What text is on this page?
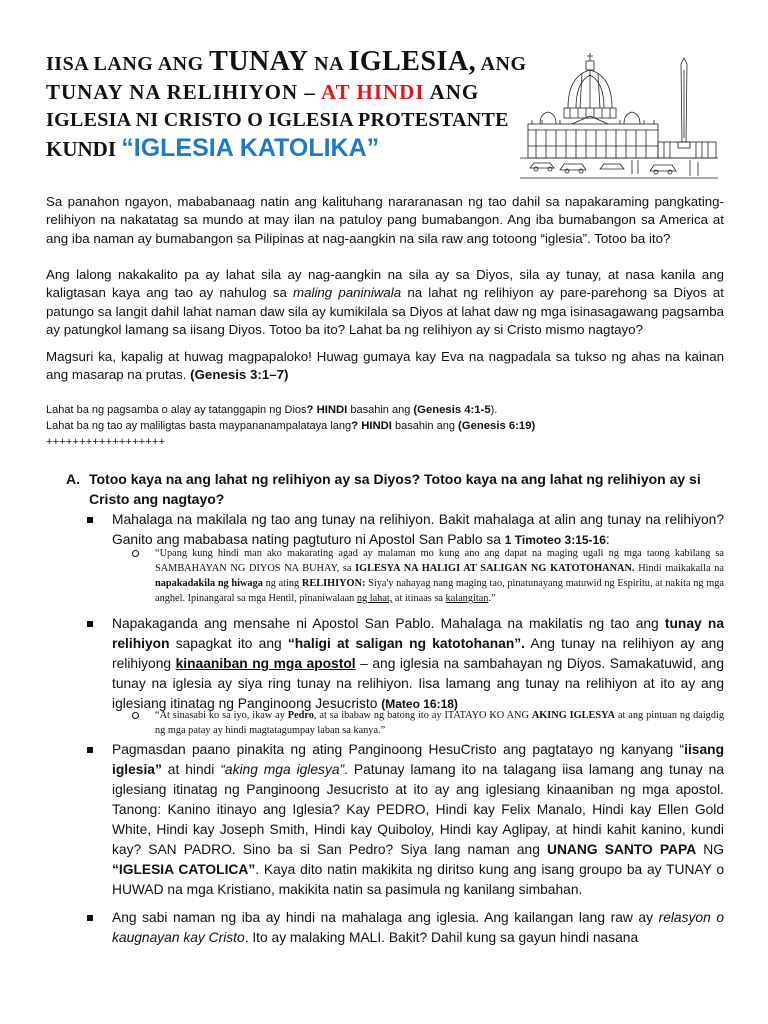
IISA LANG ANG TUNAY NA IGLESIA, ANG
TUNAY NA RELIHIYON – AT HINDI ANG
IGLESIA NI CRISTO O IGLESIA PROTESTANTE
KUNDI “IGLESIA KATOLIKA”
Sa panahon ngayon, mababanaag natin ang kalituhang nararanasan ng tao dahil sa napakaraming pangkating-relihiyon na nakatatag sa mundo at may ilan na patuloy pang bumabangon. Ang iba bumabangon sa America at ang iba naman ay bumabangon sa Pilipinas at nag-aangkin na sila raw ang totoong “iglesia”. Totoo ba ito?
Ang lalong nakakalito pa ay lahat sila ay nag-aangkin na sila ay sa Diyos, sila ay tunay, at nasa kanila ang kaligtasan kaya ang tao ay nahulog sa maling paniniwala na lahat ng relihiyon ay pare-parehong sa Diyos at patungo sa langit dahil lahat naman daw sila ay kumikilala sa Diyos at lahat daw ng mga isinasagawang pagsamba ay patungkol lamang sa iisang Diyos. Totoo ba ito? Lahat ba ng relihiyon ay si Cristo mismo nagtayo?
Magsuri ka, kapalig at huwag magpapaloko! Huwag gumaya kay Eva na nagpadala sa tukso ng ahas na kainan ang masarap na prutas. (Genesis 3:1–7)
Lahat ba ng pagsamba o alay ay tatanggapin ng Dios? HINDI basahin ang (Genesis 4:1-5).
Lahat ba ng tao ay maliligtas basta maypananampalataya lang? HINDI basahin ang (Genesis 6:19)
++++++++++++++++++
A. Totoo kaya na ang lahat ng relihiyon ay sa Diyos? Totoo kaya na ang lahat ng relihiyon ay si Cristo ang nagtayo?
Mahalaga na makilala ng tao ang tunay na relihiyon. Bakit mahalaga at alin ang tunay na relihiyon? Ganito ang mababasa nating pagtuturo ni Apostol San Pablo sa 1 Timoteo 3:15-16:
“Upang kung hindi man ako makarating agad ay malaman mo kung ano ang dapat na maging ugali ng mga taong kabilang sa SAMBAHAYAN NG DIYOS NA BUHAY, sa IGLESYA NA HALIGI AT SALIGAN NG KATOTOHANAN. Hindi maikakaila na napakadakila ng hiwaga ng ating RELIHIYON: Siya'y nahayag nang maging tao, pinatunayang matuwid ng Espiritu, at nakita ng mga anghel. Ipinangaral sa mga Hentil, pinaniwalaan ng lahat, at itinaas sa kalangitan.”
Napakaganda ang mensahe ni Apostol San Pablo. Mahalaga na makilatis ng tao ang tunay na relihiyon sapagkat ito ang “haligi at saligan ng katotohanan”. Ang tunay na relihiyon ay ang relihiyong kinaaniban ng mga apostol – ang iglesia na sambahayan ng Diyos. Samakatuwid, ang tunay na iglesia ay siya ring tunay na relihiyon. Iisa lamang ang tunay na relihiyon at ito ay ang iglesiang itinatag ng Panginoong Jesucristo (Mateo 16:18)
“At sinasabi ko sa iyo, ikaw ay Pedro, at sa ibabaw ng batong ito ay ITATAYO KO ANG AKING IGLESYA at ang pintuan ng daigdig ng mga patay ay hindi magtatagumpay laban sa kanya.”
Pagmasdan paano pinakita ng ating Panginoong HesuCristo ang pagtatayo ng kanyang “iisang iglesia” at hindi “aking mga iglesya”. Patunay lamang ito na talagang iisa lamang ang tunay na iglesiang itinatag ng Panginoong Jesucristo at ito ay ang iglesiang kinaaniban ng mga apostol. Tanong: Kanino itinayo ang Iglesia? Kay PEDRO, Hindi kay Felix Manalo, Hindi kay Ellen Gold White, Hindi kay Joseph Smith, Hindi kay Quiboloy, Hindi kay Aglipay, at hindi kahit kanino, kundi kay? SAN PADRO. Sino ba si San Pedro? Siya lang naman ang UNANG SANTO PAPA NG “IGLESIA CATOLICA”. Kaya dito natin makikita ng diritso kung ang isang groupo ba ay TUNAY o HUWAD na mga Kristiano, makikita natin sa pasimula ng kanilang simbahan.
Ang sabi naman ng iba ay hindi na mahalaga ang iglesia. Ang kailangan lang raw ay relasyon o kaugnayan kay Cristo. Ito ay malaking MALI. Bakit? Dahil kung sa gayun hindi nasana
